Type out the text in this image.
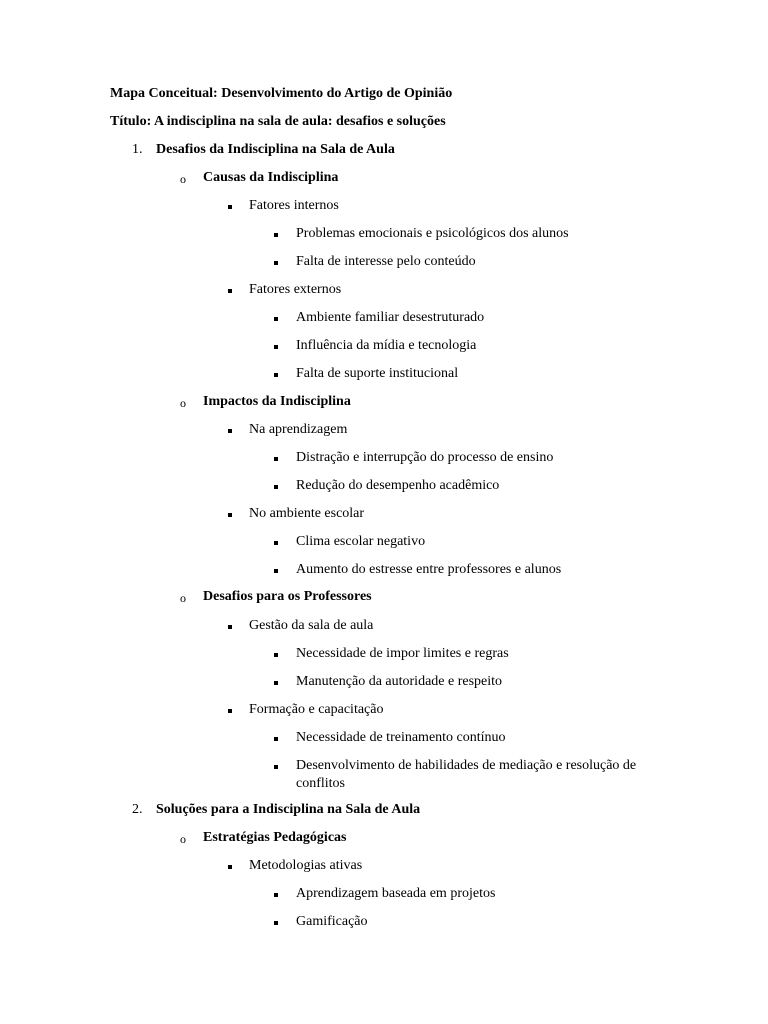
Mapa Conceitual: Desenvolvimento do Artigo de Opinião
Título: A indisciplina na sala de aula: desafios e soluções
1. Desafios da Indisciplina na Sala de Aula
o Causas da Indisciplina
Fatores internos
Problemas emocionais e psicológicos dos alunos
Falta de interesse pelo conteúdo
Fatores externos
Ambiente familiar desestruturado
Influência da mídia e tecnologia
Falta de suporte institucional
o Impactos da Indisciplina
Na aprendizagem
Distração e interrupção do processo de ensino
Redução do desempenho acadêmico
No ambiente escolar
Clima escolar negativo
Aumento do estresse entre professores e alunos
o Desafios para os Professores
Gestão da sala de aula
Necessidade de impor limites e regras
Manutenção da autoridade e respeito
Formação e capacitação
Necessidade de treinamento contínuo
Desenvolvimento de habilidades de mediação e resolução de conflitos
2. Soluções para a Indisciplina na Sala de Aula
o Estratégias Pedagógicas
Metodologias ativas
Aprendizagem baseada em projetos
Gamificação
